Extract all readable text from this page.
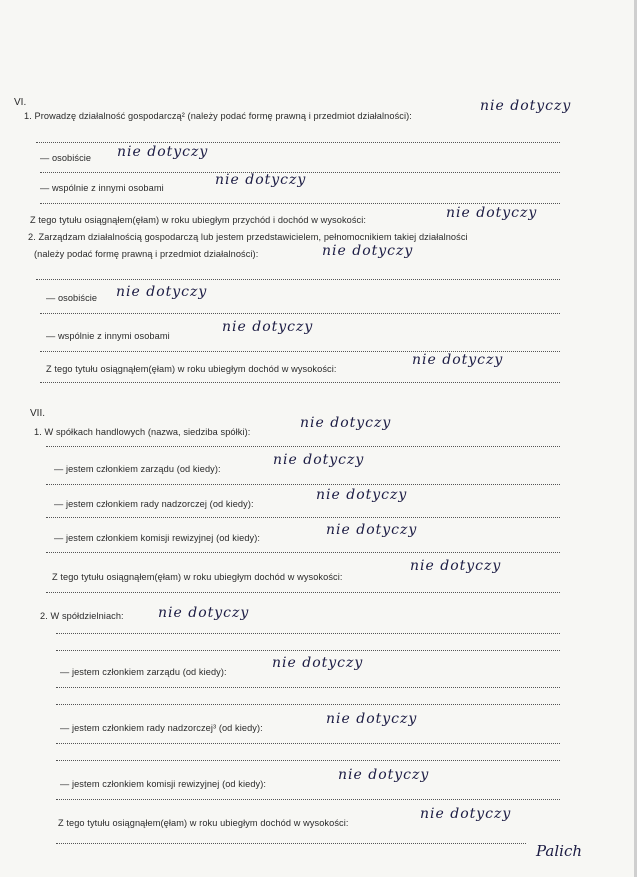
VI.
1. Prowadzę działalność gospodarczą² (należy podać formę prawną i przedmiot działalności):
nie dotyczy
— osobiście nie dotyczy
— wspólnie z innymi osobami	nie dotyczy
Z tego tytułu osiągnąłem(ęłam) w roku ubiegłym przychód i dochód w wysokości:	nie dotyczy
2. Zarządzam działalnością gospodarczą lub jestem przedstawicielem, pełnomocnikiem takiej działalności
(należy podać formę prawną i przedmiot działalności):	nie dotyczy
— osobiście nie dotyczy
— wspólnie z innymi osobami
nie dotyczy
Z tego tytułu osiągnąłem(ęłam) w roku ubiegłym dochód w wysokości:
nie dotyczy
VII.
1. W spółkach handlowych (nazwa, siedziba spółki):
nie dotyczy
— jestem członkiem zarządu (od kiedy):
nie dotyczy
— jestem członkiem rady nadzorczej (od kiedy):
nie dotyczy
— jestem członkiem komisji rewizyjnej (od kiedy):	nie dotyczy
Z tego tytułu osiągnąłem(ęłam) w roku ubiegłym dochód w wysokości:
nie dotyczy
2. W spółdzielniach: nie dotyczy
— jestem członkiem zarządu (od kiedy):
nie dotyczy
— jestem członkiem rady nadzorczej³ (od kiedy):
nie dotyczy
— jestem członkiem komisji rewizyjnej (od kiedy):
nie dotyczy
Z tego tytułu osiągnąłem(ęłam) w roku ubiegłym dochód w wysokości:
nie dotyczy
Palich
